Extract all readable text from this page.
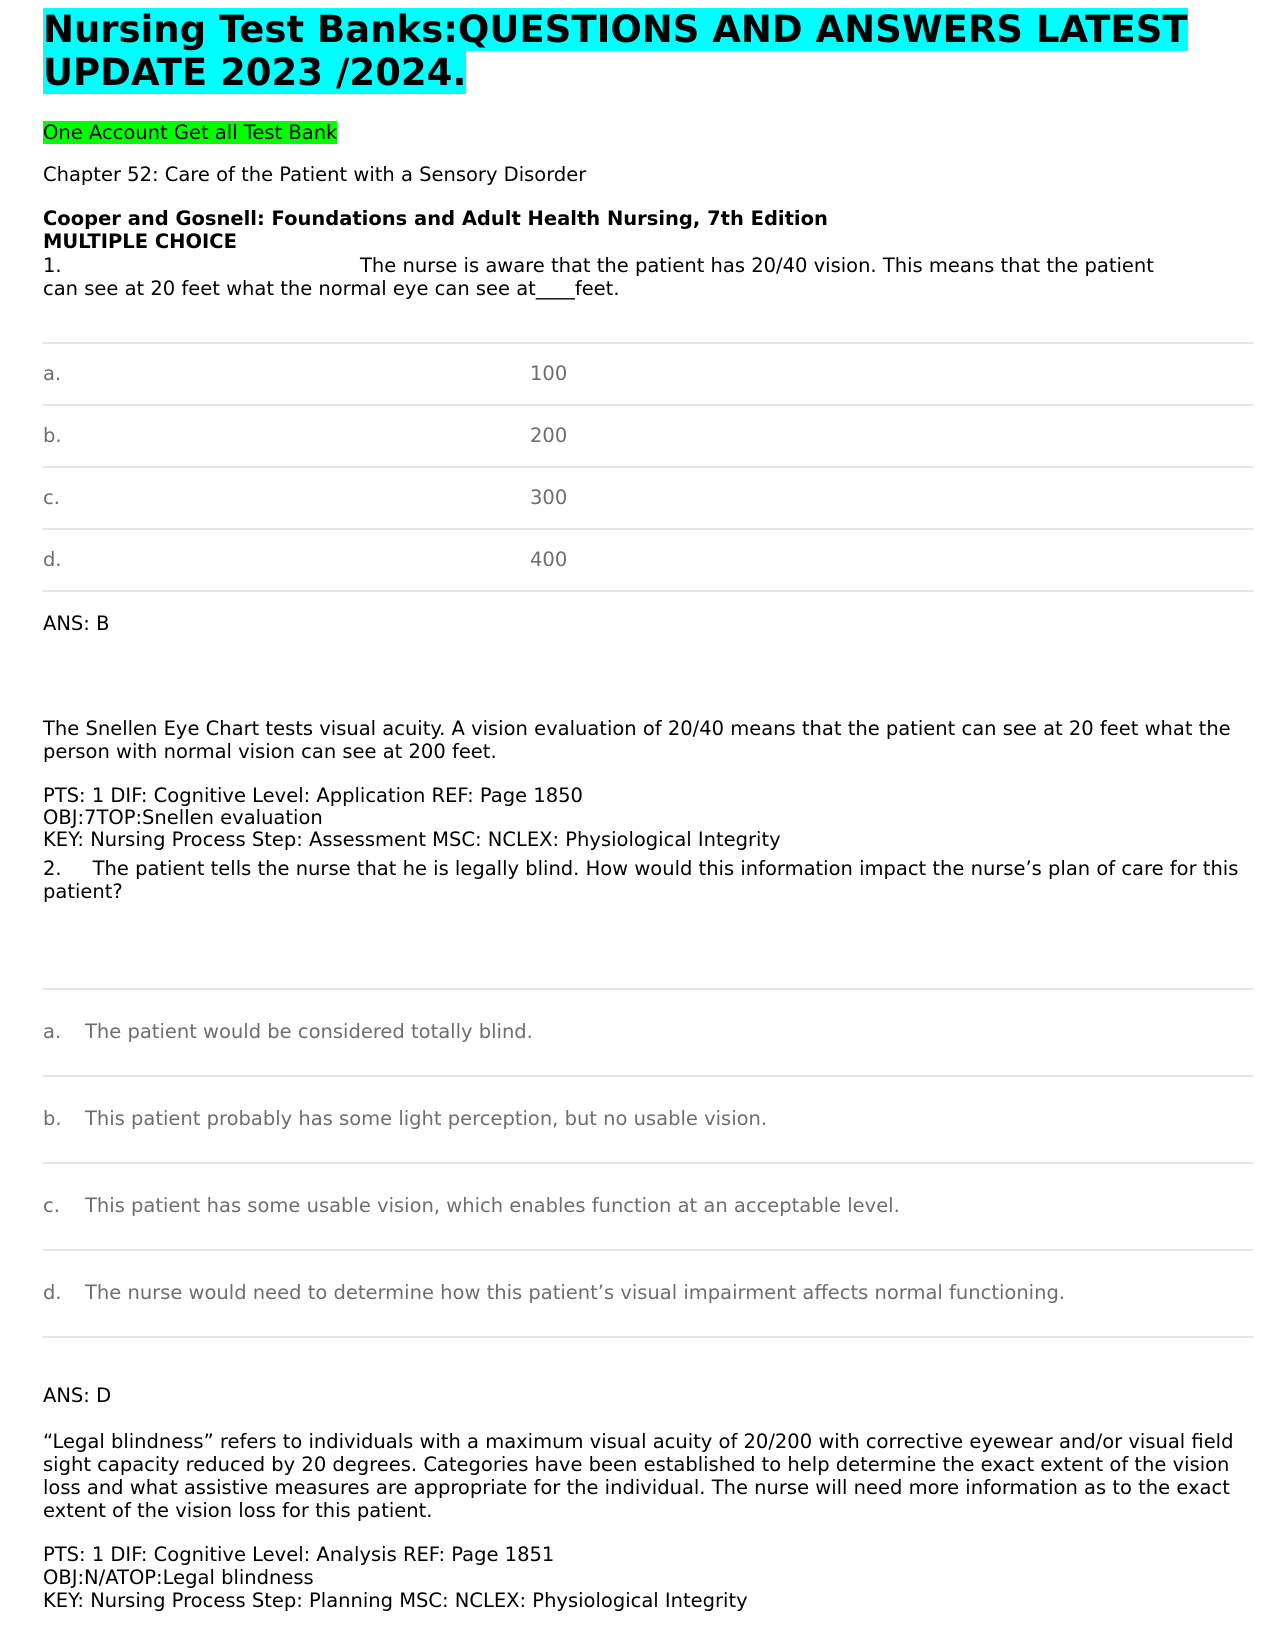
Nursing Test Banks:QUESTIONS AND ANSWERS LATEST UPDATE 2023 /2024.
One Account Get all Test Bank
Chapter 52: Care of the Patient with a Sensory Disorder
Cooper and Gosnell: Foundations and Adult Health Nursing, 7th Edition
MULTIPLE CHOICE
1.	The nurse is aware that the patient has 20/40 vision. This means that the patient
can see at 20 feet what the normal eye can see at____feet.
a.	100
b.	200
c.	300
d.	400
ANS: B
The Snellen Eye Chart tests visual acuity. A vision evaluation of 20/40 means that the patient can see at 20 feet what the person with normal vision can see at 200 feet.
PTS: 1 DIF: Cognitive Level: Application REF: Page 1850
OBJ:7TOP:Snellen evaluation
KEY: Nursing Process Step: Assessment MSC: NCLEX: Physiological Integrity
2. The patient tells the nurse that he is legally blind. How would this information impact the nurse’s plan of care for this patient?
a. The patient would be considered totally blind.
b. This patient probably has some light perception, but no usable vision.
c. This patient has some usable vision, which enables function at an acceptable level.
d. The nurse would need to determine how this patient’s visual impairment aﬀects normal functioning.
ANS: D
“Legal blindness” refers to individuals with a maximum visual acuity of 20/200 with corrective eyewear and/or visual field sight capacity reduced by 20 degrees. Categories have been established to help determine the exact extent of the vision loss and what assistive measures are appropriate for the individual. The nurse will need more information as to the exact extent of the vision loss for this patient.
PTS: 1 DIF: Cognitive Level: Analysis REF: Page 1851
OBJ:N/ATOP:Legal blindness
KEY: Nursing Process Step: Planning MSC: NCLEX: Physiological Integrity
